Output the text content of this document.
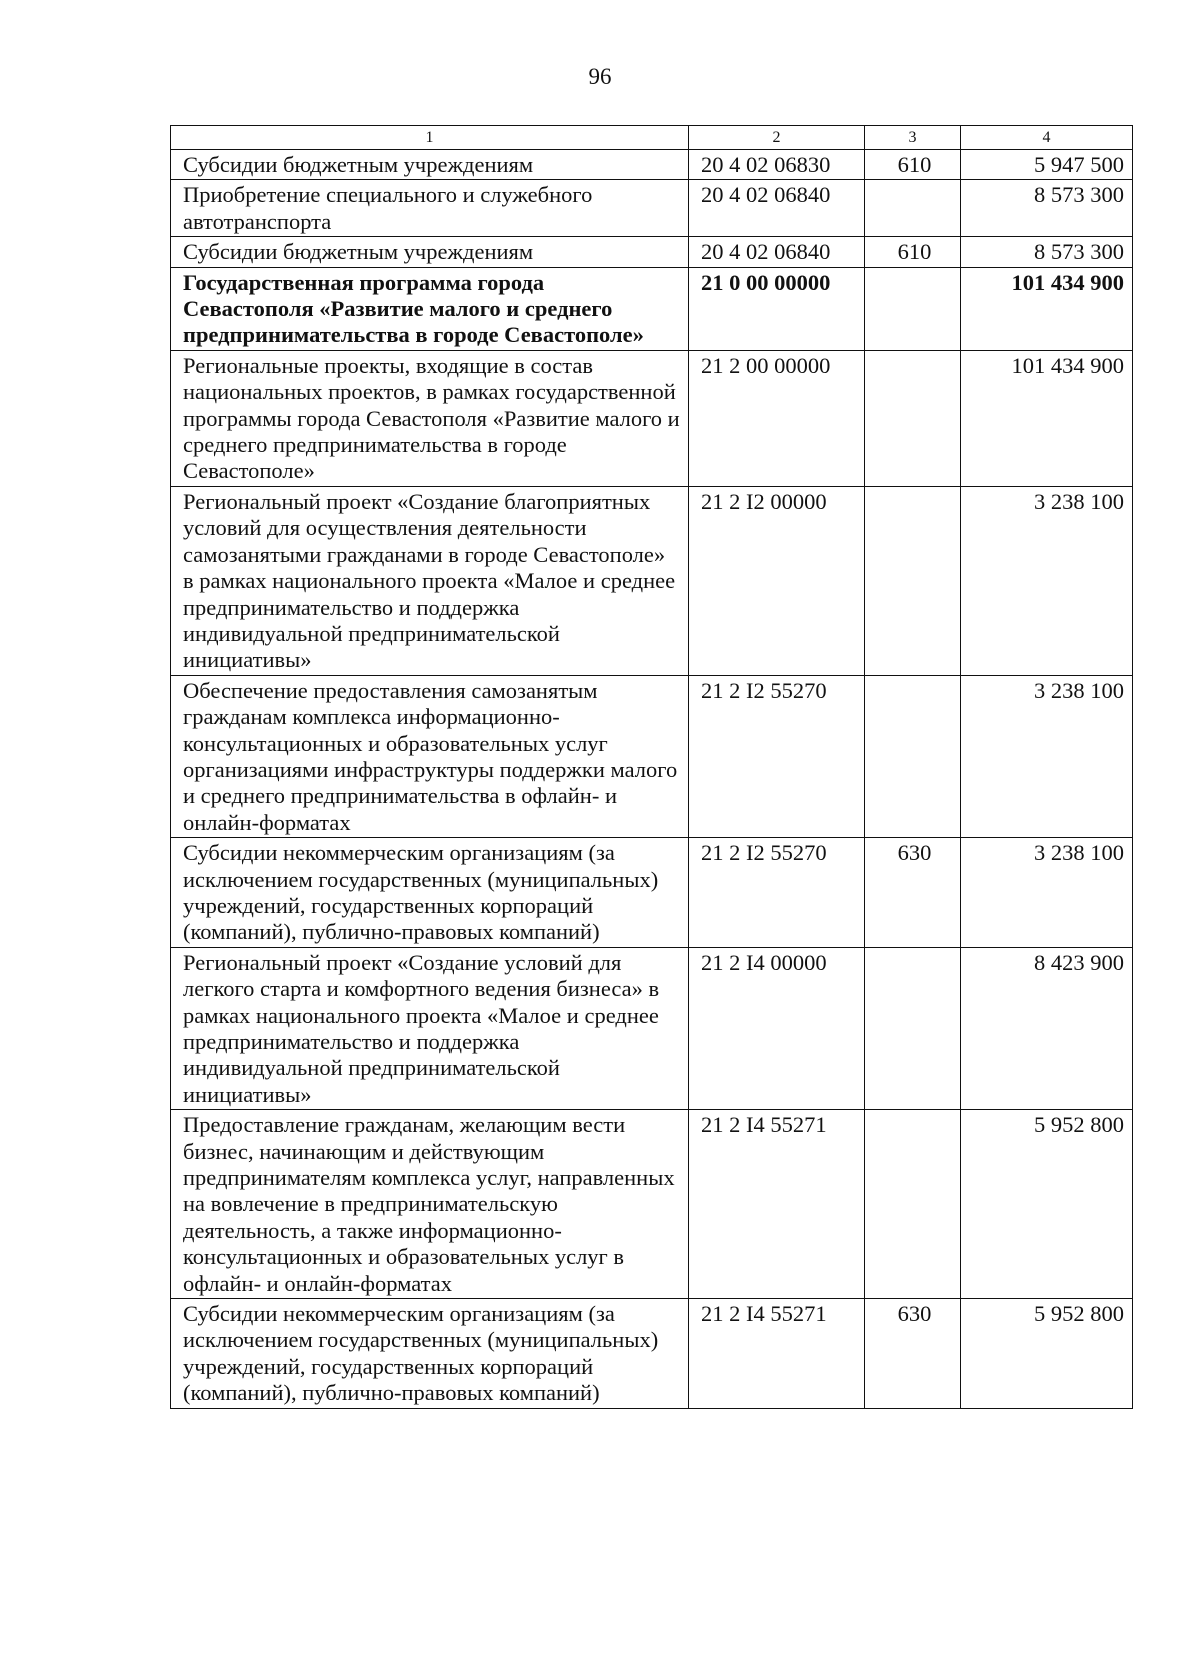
96
1	2	3	4
Субсидии бюджетным учреждениям	20 4 02 06830	610	5 947 500
Приобретение специального и служебного автотранспорта	20 4 02 06840		8 573 300
Субсидии бюджетным учреждениям	20 4 02 06840	610	8 573 300
Государственная программа города Севастополя «Развитие малого и среднего предпринимательства в городе Севастополе»	21 0 00 00000		101 434 900
Региональные проекты, входящие в состав национальных проектов, в рамках государственной программы города Севастополя «Развитие малого и среднего предпринимательства в городе Севастополе»	21 2 00 00000		101 434 900
Региональный проект «Создание благоприятных условий для осуществления деятельности самозанятыми гражданами в городе Севастополе» в рамках национального проекта «Малое и среднее предпринимательство и поддержка индивидуальной предпринимательской инициативы»	21 2 I2 00000		3 238 100
Обеспечение предоставления самозанятым гражданам комплекса информационно-консультационных и образовательных услуг организациями инфраструктуры поддержки малого и среднего предпринимательства в офлайн- и онлайн-форматах	21 2 I2 55270		3 238 100
Субсидии некоммерческим организациям (за исключением государственных (муниципальных) учреждений, государственных корпораций (компаний), публично-правовых компаний)	21 2 I2 55270	630	3 238 100
Региональный проект «Создание условий для легкого старта и комфортного ведения бизнеса» в рамках национального проекта «Малое и среднее предпринимательство и поддержка индивидуальной предпринимательской инициативы»	21 2 I4 00000		8 423 900
Предоставление гражданам, желающим вести бизнес, начинающим и действующим предпринимателям комплекса услуг, направленных на вовлечение в предпринимательскую деятельность, а также информационно-консультационных и образовательных услуг в офлайн- и онлайн-форматах	21 2 I4 55271		5 952 800
Субсидии некоммерческим организациям (за исключением государственных (муниципальных) учреждений, государственных корпораций (компаний), публично-правовых компаний)	21 2 I4 55271	630	5 952 800
